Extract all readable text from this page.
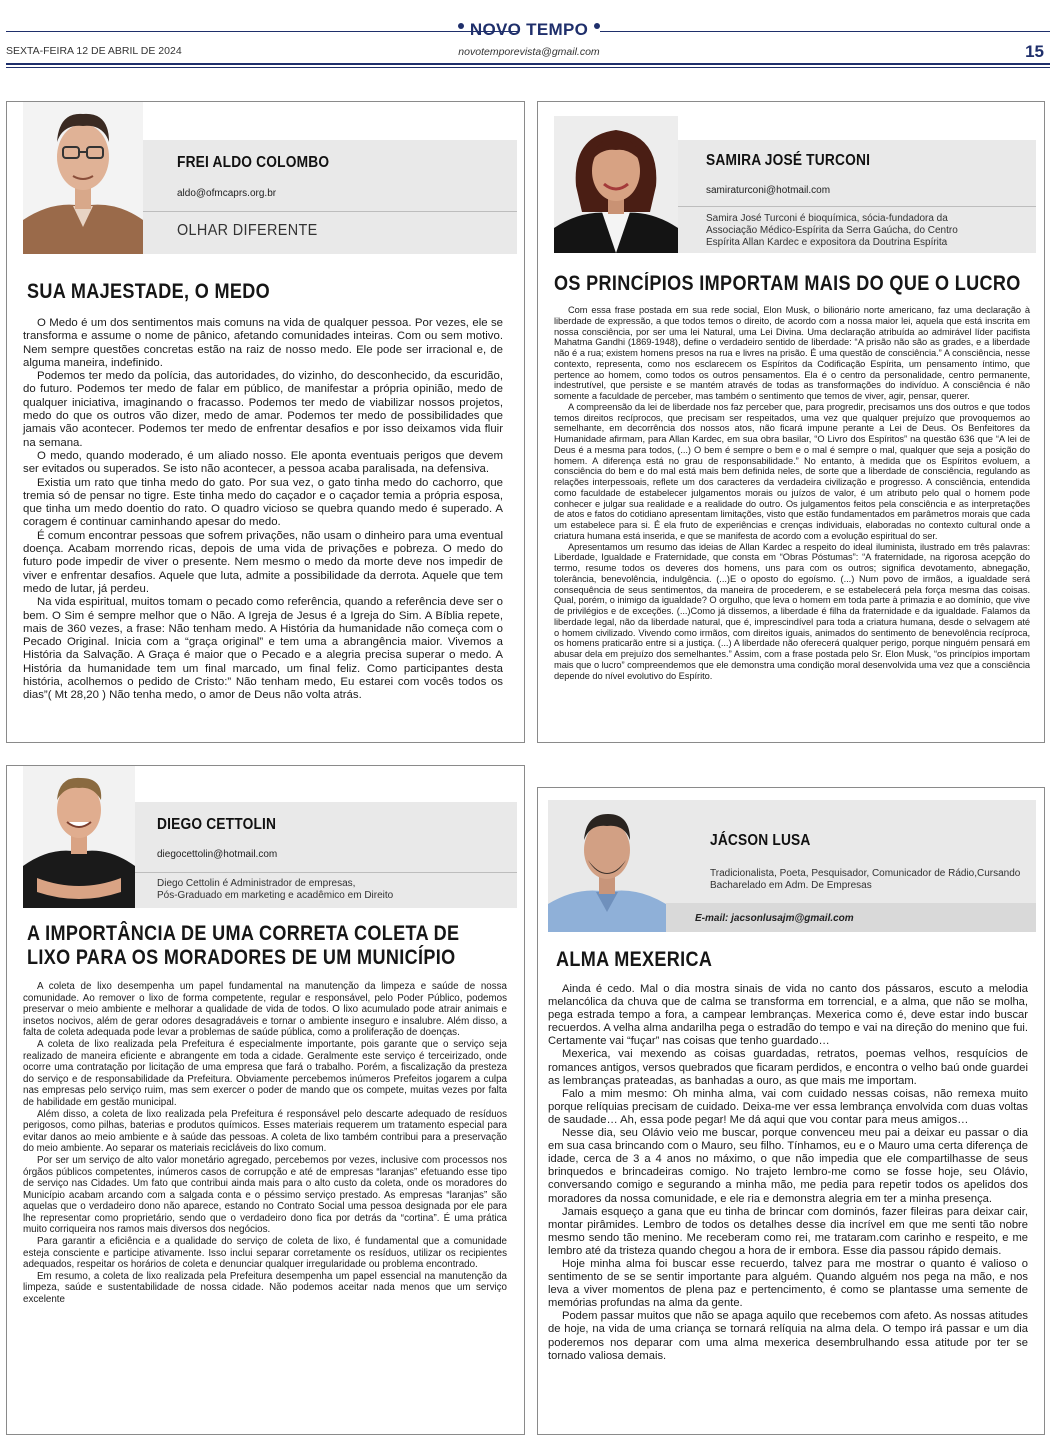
NOVO TEMPO
SEXTA-FEIRA 12 DE ABRIL DE 2024	novotemporevista@gmail.com	15
FREI ALDO COLOMBO
aldo@ofmcaprs.org.br
OLHAR DIFERENTE
SUA MAJESTADE, O MEDO

O Medo é um dos sentimentos mais comuns na vida de qualquer pessoa. Por vezes, ele se transforma e assume o nome de pânico, afetando comunidades inteiras. Com ou sem motivo. Nem sempre questões concretas estão na raiz de nosso medo. Ele pode ser irracional e, de alguma maneira, indefinido.

Podemos ter medo da polícia, das autoridades, do vizinho, do desconhecido, da escuridão, do futuro. Podemos ter medo de falar em público, de manifestar a própria opinião, medo de qualquer iniciativa, imaginando o fracasso. Podemos ter medo de viabilizar nossos projetos, medo do que os outros vão dizer, medo de amar. Podemos ter medo de possibilidades que jamais vão acontecer. Podemos ter medo de enfrentar desafios e por isso deixamos vida fluir na semana.

O medo, quando moderado, é um aliado nosso. Ele aponta eventuais perigos que devem ser evitados ou superados. Se isto não acontecer, a pessoa acaba paralisada, na defensiva.

Existia um rato que tinha medo do gato. Por sua vez, o gato tinha medo do cachorro, que tremia só de pensar no tigre. Este tinha medo do caçador e o caçador temia a própria esposa, que tinha um medo doentio do rato. O quadro vicioso se quebra quando medo é superado. A coragem é continuar caminhando apesar do medo.

É comum encontrar pessoas que sofrem privações, não usam o dinheiro para uma eventual doença. Acabam morrendo ricas, depois de uma vida de privações e pobreza. O medo do futuro pode impedir de viver o presente. Nem mesmo o medo da morte deve nos impedir de viver e enfrentar desafios. Aquele que luta, admite a possibilidade da derrota. Aquele que tem medo de lutar, já perdeu.

Na vida espiritual, muitos tomam o pecado como referência, quando a referência deve ser o bem. O Sim é sempre melhor que o Não. A Igreja de Jesus é a Igreja do Sim. A Bíblia repete, mais de 360 vezes, a frase: Não tenham medo. A História da humanidade não começa com o Pecado Original. Inicia com a “graça original” e tem uma a abrangência maior. Vivemos a História da Salvação. A Graça é maior que o Pecado e a alegria precisa superar o medo. A História da humanidade tem um final marcado, um final feliz. Como participantes desta história, acolhemos o pedido de Cristo:” Não tenham medo, Eu estarei com vocês todos os dias”( Mt 28,20 ) Não tenha medo, o amor de Deus não volta atrás.

SAMIRA JOSÉ TURCONI
samiraturconi@hotmail.com
Samira José Turconi é bioquímica, sócia-fundadora da Associação Médico-Espírita da Serra Gaúcha, do Centro Espírita Allan Kardec e expositora da Doutrina Espírita
OS PRINCÍPIOS IMPORTAM MAIS DO QUE O LUCRO

Com essa frase postada em sua rede social, Elon Musk, o bilionário norte americano, faz uma declaração à liberdade de expressão, a que todos temos o direito, de acordo com a nossa maior lei, aquela que está inscrita em nossa consciência, por ser uma lei Natural, uma Lei Divina. Uma declaração atribuída ao admirável líder pacifista Mahatma Gandhi (1869-1948), define o verdadeiro sentido de liberdade: “A prisão não são as grades, e a liberdade não é a rua; existem homens presos na rua e livres na prisão. É uma questão de consciência.” A consciência, nesse contexto, representa, como nos esclarecem os Espíritos da Codificação Espírita, um pensamento íntimo, que pertence ao homem, como todos os outros pensamentos. Ela é o centro da personalidade, centro permanente, indestrutível, que persiste e se mantém através de todas as transformações do indivíduo. A consciência é não somente a faculdade de perceber, mas também o sentimento que temos de viver, agir, pensar, querer.

A compreensão da lei de liberdade nos faz perceber que, para progredir, precisamos uns dos outros e que todos temos direitos recíprocos, que precisam ser respeitados, uma vez que qualquer prejuízo que provoquemos ao semelhante, em decorrência dos nossos atos, não ficará impune perante a Lei de Deus. Os Benfeitores da Humanidade afirmam, para Allan Kardec, em sua obra basilar, “O Livro dos Espíritos” na questão 636 que “A lei de Deus é a mesma para todos, (...) O bem é sempre o bem e o mal é sempre o mal, qualquer que seja a posição do homem. A diferença está no grau de responsabilidade.” No entanto, à medida que os Espíritos evoluem, a consciência do bem e do mal está mais bem definida neles, de sorte que a liberdade de consciência, regulando as relações interpessoais, reflete um dos caracteres da verdadeira civilização e progresso. A consciência, entendida como faculdade de estabelecer julgamentos morais ou juízos de valor, é um atributo pelo qual o homem pode conhecer e julgar sua realidade e a realidade do outro. Os julgamentos feitos pela consciência e as interpretações de atos e fatos do cotidiano apresentam limitações, visto que estão fundamentados em parâmetros morais que cada um estabelece para si. É ela fruto de experiências e crenças individuais, elaboradas no contexto cultural onde a criatura humana está inserida, e que se manifesta de acordo com a evolução espiritual do ser.

Apresentamos um resumo das ideias de Allan Kardec a respeito do ideal iluminista, ilustrado em três palavras: Liberdade, Igualdade e Fraternidade, que consta em “Obras Póstumas”: “A fraternidade, na rigorosa acepção do termo, resume todos os deveres dos homens, uns para com os outros; significa devotamento, abnegação, tolerância, benevolência, indulgência. (...)E o oposto do egoísmo. (...) Num povo de irmãos, a igualdade será consequência de seus sentimentos, da maneira de procederem, e se estabelecerá pela força mesma das coisas. Qual, porém, o inimigo da igualdade? O orgulho, que leva o homem em toda parte à primazia e ao domínio, que vive de privilégios e de exceções. (...)Como já dissemos, a liberdade é filha da fraternidade e da igualdade. Falamos da liberdade legal, não da liberdade natural, que é, imprescindível para toda a criatura humana, desde o selvagem até o homem civilizado. Vivendo como irmãos, com direitos iguais, animados do sentimento de benevolência recíproca, os homens praticarão entre si a justiça. (...) A liberdade não oferecerá qualquer perigo, porque ninguém pensará em abusar dela em prejuízo dos semelhantes.” Assim, com a frase postada pelo Sr. Elon Musk, “os princípios importam mais que o lucro” compreendemos que ele demonstra uma condição moral desenvolvida uma vez que a consciência depende do nível evolutivo do Espírito.

DIEGO CETTOLIN
diegocettolin@hotmail.com
Diego Cettolin é Administrador de empresas,
Pós-Graduado em marketing e acadêmico em Direito
A IMPORTÂNCIA DE UMA CORRETA COLETA DE
LIXO PARA OS MORADORES DE UM MUNICÍPIO

A coleta de lixo desempenha um papel fundamental na manutenção da limpeza e saúde de nossa comunidade. Ao remover o lixo de forma competente, regular e responsável, pelo Poder Público, podemos preservar o meio ambiente e melhorar a qualidade de vida de todos. O lixo acumulado pode atrair animais e insetos nocivos, além de gerar odores desagradáveis e tornar o ambiente inseguro e insalubre. Além disso, a falta de coleta adequada pode levar a problemas de saúde pública, como a proliferação de doenças.

A coleta de lixo realizada pela Prefeitura é especialmente importante, pois garante que o serviço seja realizado de maneira eficiente e abrangente em toda a cidade. Geralmente este serviço é terceirizado, onde ocorre uma contratação por licitação de uma empresa que fará o trabalho. Porém, a fiscalização da presteza do serviço e de responsabilidade da Prefeitura. Obviamente percebemos inúmeros Prefeitos jogarem a culpa nas empresas pelo serviço ruim, mas sem exercer o poder de mando que os compete, muitas vezes por falta de habilidade em gestão municipal.

Além disso, a coleta de lixo realizada pela Prefeitura é responsável pelo descarte adequado de resíduos perigosos, como pilhas, baterias e produtos químicos. Esses materiais requerem um tratamento especial para evitar danos ao meio ambiente e à saúde das pessoas. A coleta de lixo também contribui para a preservação do meio ambiente. Ao separar os materiais recicláveis do lixo comum.

Por ser um serviço de alto valor monetário agregado, percebemos por vezes, inclusive com processos nos órgãos públicos competentes, inúmeros casos de corrupção e até de empresas “laranjas” efetuando esse tipo de serviço nas Cidades. Um fato que contribui ainda mais para o alto custo da coleta, onde os moradores do Município acabam arcando com a salgada conta e o péssimo serviço prestado. As empresas “laranjas” são aquelas que o verdadeiro dono não aparece, estando no Contrato Social uma pessoa designada por ele para lhe representar como proprietário, sendo que o verdadeiro dono fica por detrás da “cortina”. É uma prática muito corriqueira nos ramos mais diversos dos negócios.

Para garantir a eficiência e a qualidade do serviço de coleta de lixo, é fundamental que a comunidade esteja consciente e participe ativamente. Isso inclui separar corretamente os resíduos, utilizar os recipientes adequados, respeitar os horários de coleta e denunciar qualquer irregularidade ou problema encontrado.

Em resumo, a coleta de lixo realizada pela Prefeitura desempenha um papel essencial na manutenção da limpeza, saúde e sustentabilidade de nossa cidade. Não podemos aceitar nada menos que um serviço excelente

JÁCSON LUSA
Tradicionalista, Poeta, Pesquisador, Comunicador de Rádio,Cursando
Bacharelado em Adm. De Empresas
E-mail: jacsonlusajm@gmail.com
ALMA MEXERICA

Ainda é cedo. Mal o dia mostra sinais de vida no canto dos pássaros, escuto a melodia melancólica da chuva que de calma se transforma em torrencial, e a alma, que não se molha, pega estrada tempo a fora, a campear lembranças. Mexerica como é, deve estar indo buscar recuerdos. A velha alma andarilha pega o estradão do tempo e vai na direção do menino que fui. Certamente vai “fuçar” nas coisas que tenho guardado…

Mexerica, vai mexendo as coisas guardadas, retratos, poemas velhos, resquícios de romances antigos, versos quebrados que ficaram perdidos, e encontra o velho baú onde guardei as lembranças prateadas, as banhadas a ouro, as que mais me importam.

Falo a mim mesmo: Oh minha alma, vai com cuidado nessas coisas, não remexa muito porque relíquias precisam de cuidado. Deixa-me ver essa lembrança envolvida com duas voltas de saudade… Ah, essa pode pegar! Me dá aqui que vou contar para meus amigos…

Nesse dia, seu Olávio veio me buscar, porque convenceu meu pai a deixar eu passar o dia em sua casa brincando com o Mauro, seu filho. Tínhamos, eu e o Mauro uma certa diferença de idade, cerca de 3 a 4 anos no máximo, o que não impedia que ele compartilhasse de seus brinquedos e brincadeiras comigo. No trajeto lembro-me como se fosse hoje, seu Olávio, conversando comigo e segurando a minha mão, me pedia para repetir todos os apelidos dos moradores da nossa comunidade, e ele ria e demonstra alegria em ter a minha presença.

Jamais esqueço a gana que eu tinha de brincar com dominós, fazer fileiras para deixar cair, montar pirâmides. Lembro de todos os detalhes desse dia incrível em que me senti tão nobre mesmo sendo tão menino. Me receberam como rei, me trataram.com carinho e respeito, e me lembro até da tristeza quando chegou a hora de ir embora. Esse dia passou rápido demais.

Hoje minha alma foi buscar esse recuerdo, talvez para me mostrar o quanto é valioso o sentimento de se se sentir importante para alguém. Quando alguém nos pega na mão, e nos leva a viver momentos de plena paz e pertencimento, é como se plantasse uma semente de memórias profundas na alma da gente.

Podem passar muitos que não se apaga aquilo que recebemos com afeto. As nossas atitudes de hoje, na vida de uma criança se tornará relíquia na alma dela. O tempo irá passar e um dia poderemos nos deparar com uma alma mexerica desembrulhando essa atitude por ter se tornado valiosa demais.
